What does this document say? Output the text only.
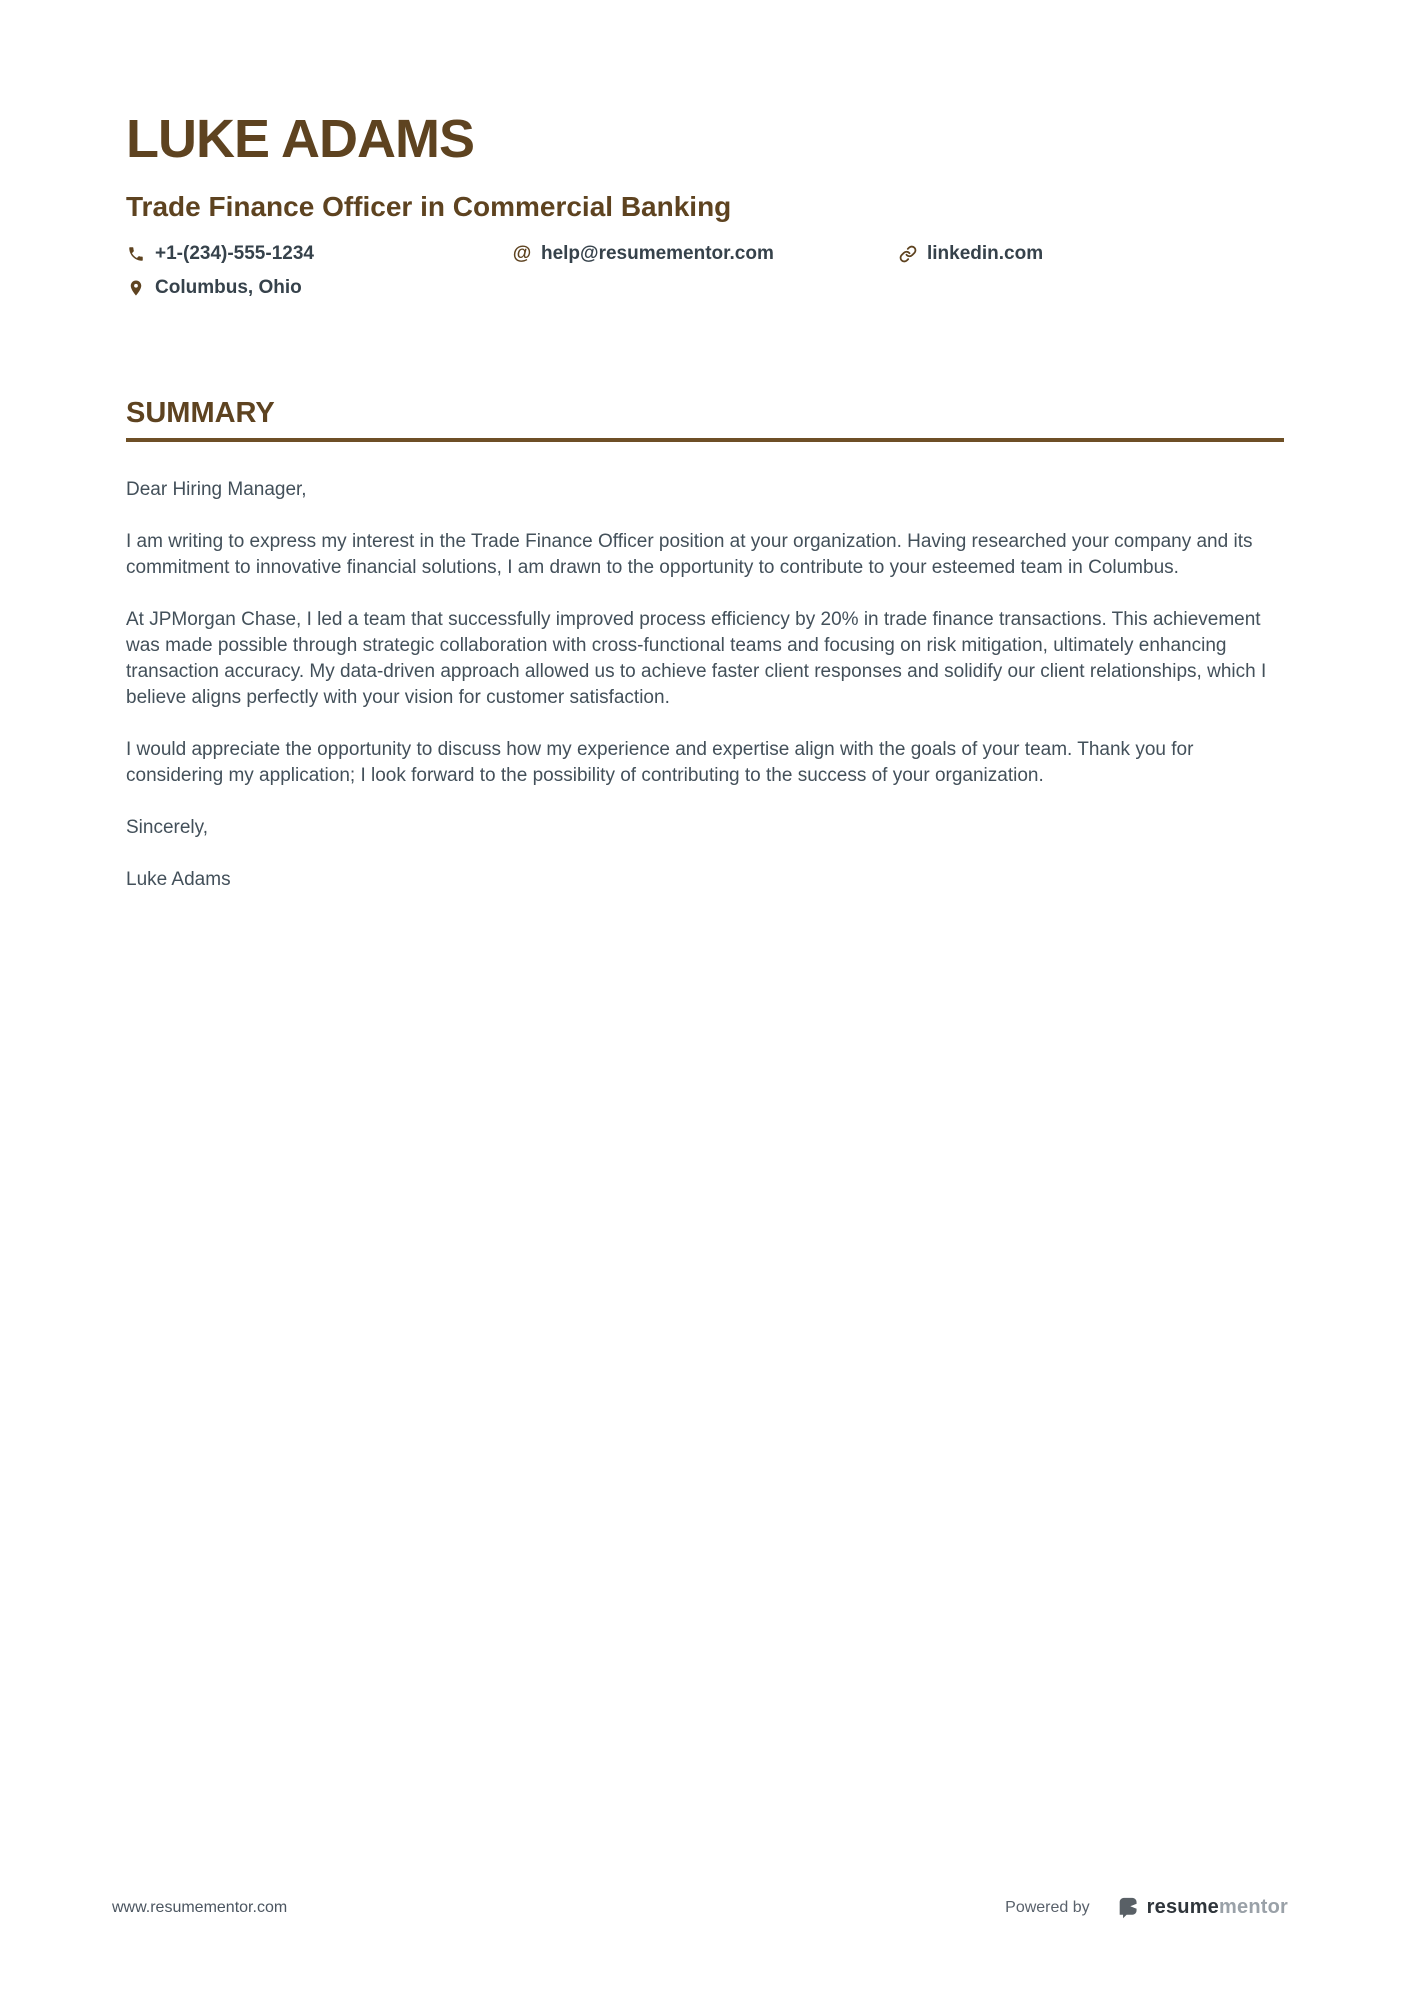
LUKE ADAMS
Trade Finance Officer in Commercial Banking
+1-(234)-555-1234	@ help@resumementor.com	linkedin.com
Columbus, Ohio
SUMMARY

Dear Hiring Manager,

I am writing to express my interest in the Trade Finance Officer position at your organization. Having researched your company and its commitment to innovative financial solutions, I am drawn to the opportunity to contribute to your esteemed team in Columbus.

At JPMorgan Chase, I led a team that successfully improved process efficiency by 20% in trade finance transactions. This achievement was made possible through strategic collaboration with cross-functional teams and focusing on risk mitigation, ultimately enhancing transaction accuracy. My data-driven approach allowed us to achieve faster client responses and solidify our client relationships, which I believe aligns perfectly with your vision for customer satisfaction.

I would appreciate the opportunity to discuss how my experience and expertise align with the goals of your team. Thank you for considering my application; I look forward to the possibility of contributing to the success of your organization.

Sincerely,

Luke Adams

www.resumementor.com	Powered by	resumementor
